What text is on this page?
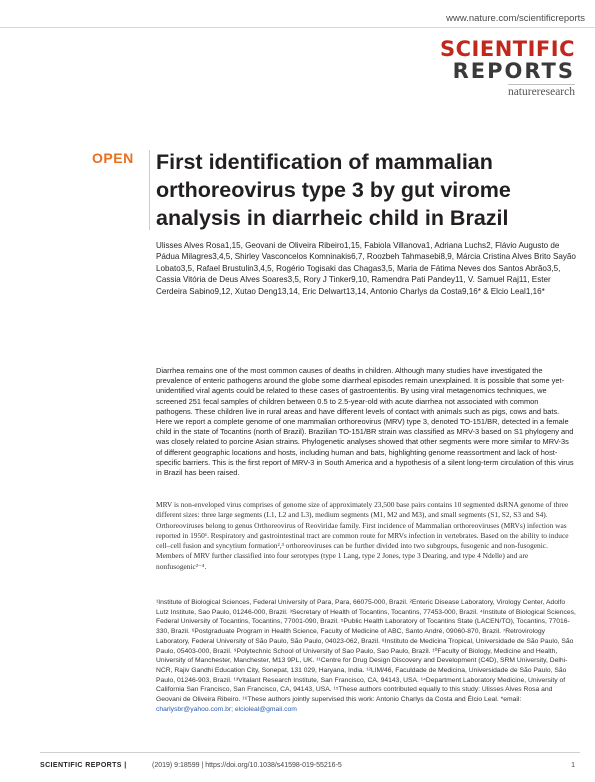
www.nature.com/scientificreports
SCIENTIFIC
REPORTS
natureresearch
OPEN First identification of mammalian orthoreovirus type 3 by gut virome analysis in diarrheic child in Brazil
Ulisses Alves Rosa1,15, Geovani de Oliveira Ribeiro1,15, Fabiola Villanova1, Adriana Luchs2, Flávio Augusto de Pádua Milagres3,4,5, Shirley Vasconcelos Komninakis6,7, Roozbeh Tahmasebi8,9, Márcia Cristina Alves Brito Sayão Lobato3,5, Rafael Brustulin3,4,5, Rogério Togisaki das Chagas3,5, Maria de Fátima Neves dos Santos Abrão3,5, Cassia Vitória de Deus Alves Soares3,5, Rory J Tinker9,10, Ramendra Pati Pandey11, V. Samuel Raj11, Ester Cerdeira Sabino9,12, Xutao Deng13,14, Eric Delwart13,14, Antonio Charlys da Costa9,16* & Elcio Leal1,16*
Diarrhea remains one of the most common causes of deaths in children. Although many studies have investigated the prevalence of enteric pathogens around the globe some diarrheal episodes remain unexplained. It is possible that some yet-unidentified viral agents could be related to these cases of gastroenteritis. By using viral metagenomics techniques, we screened 251 fecal samples of children between 0.5 to 2.5-year-old with acute diarrhea not associated with common pathogens. These children live in rural areas and have different levels of contact with animals such as pigs, cows and bats. Here we report a complete genome of one mammalian orthoreovirus (MRV) type 3, denoted TO-151/BR, detected in a female child in the state of Tocantins (north of Brazil). Brazilian TO-151/BR strain was classified as MRV-3 based on S1 phylogeny and was closely related to porcine Asian strains. Phylogenetic analyses showed that other segments were more similar to MRV-3s of different geographic locations and hosts, including human and bats, highlighting genome reassortment and lack of host-specific barriers. This is the first report of MRV-3 in South America and a hypothesis of a silent long-term circulation of this virus in Brazil has been raised.
MRV is non-enveloped virus comprises of genome size of approximately 23,500 base pairs contains 10 segmented dsRNA genome of three different sizes: three large segments (L1, L2 and L3), medium segments (M1, M2 and M3), and small segments (S1, S2, S3 and S4). Orthoreoviruses belong to genus Orthoreovirus of Reoviridae family. First incidence of Mammalian orthoreoviruses (MRVs) infection was reported in 1950¹. Respiratory and gastrointestinal tract are common route for MRVs infection in vertebrates. Based on the ability to induce cell–cell fusion and syncytium formation²,³ orthoreoviruses can be further divided into two subgroups, fusogenic and non-fusogenic. Members of MRV further classified into four serotypes (type 1 Lang, type 2 Jones, type 3 Dearing, and type 4 Ndelle) and are nonfusogenic²⁻⁴.
¹Institute of Biological Sciences, Federal University of Para, Para, 66075-000, Brazil. ²Enteric Disease Laboratory, Virology Center, Adolfo Lutz Institute, Sao Paulo, 01246-000, Brazil. ³Secretary of Health of Tocantins, Tocantins, 77453-000, Brazil. ⁴Institute of Biological Sciences, Federal University of Tocantins, Tocantins, 77001-090, Brazil. ⁵Public Health Laboratory of Tocantins State (LACEN/TO), Tocantins, 77016-330, Brazil. ⁶Postgraduate Program in Health Science, Faculty of Medicine of ABC, Santo André, 09060-870, Brazil. ⁷Retrovirology Laboratory, Federal University of São Paulo, São Paulo, 04023-062, Brazil. ⁸Instituto de Medicina Tropical, Universidade de São Paulo, São Paulo, 05403-000, Brazil. ⁹Polytechnic School of University of Sao Paulo, Sao Paulo, Brazil. ¹⁰Faculty of Biology, Medicine and Health, University of Manchester, Manchester, M13 9PL, UK. ¹¹Centre for Drug Design Discovery and Development (C4D), SRM University, Delhi-NCR, Rajiv Gandhi Education City, Sonepat, 131 029, Haryana, India. ¹²LIM/46, Faculdade de Medicina, Universidade de São Paulo, São Paulo, 01246-903, Brazil. ¹³Vitalant Research Institute, San Francisco, CA, 94143, USA. ¹⁴Department Laboratory Medicine, University of California San Francisco, San Francisco, CA, 94143, USA. ¹⁵These authors contributed equally to this study: Ulisses Alves Rosa and Geovani de Oliveira Ribeiro. ¹⁶These authors jointly supervised this work: Antonio Charlys da Costa and Élcio Leal. *email: charlysbr@yahoo.com.br; elcioleal@gmail.com
SCIENTIFIC REPORTS |	(2019) 9:18599 | https://doi.org/10.1038/s41598-019-55216-5	1
